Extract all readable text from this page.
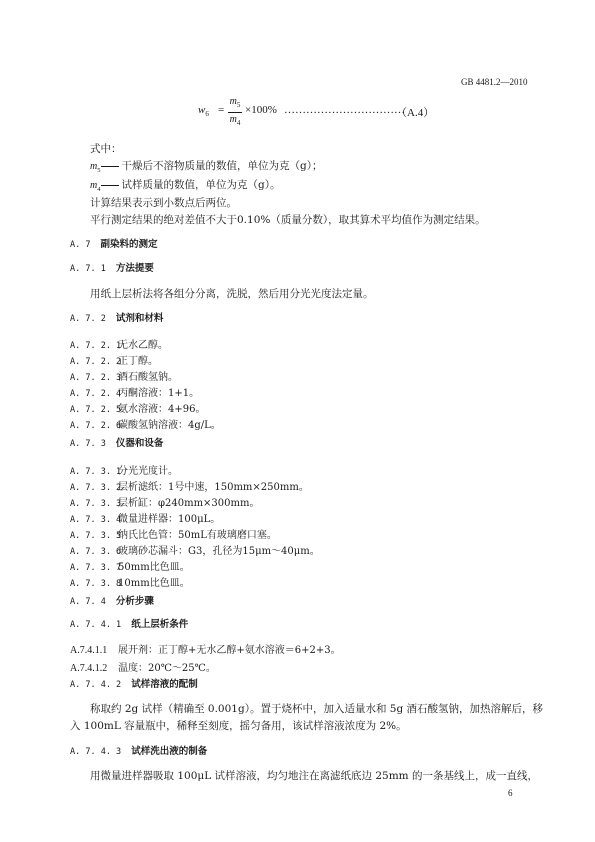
GB 4481.2—2010
$w_6$ =
$m_5$
$m_4$
×100% ……………………………
（A.4）
式中：
$m_5$ 干燥后不溶物质量的数值，单位为克（g）；
$m_4$ 试样质量的数值，单位为克（g）。
计算结果表示到小数点后两位。
平行测定结果的绝对差值不大于0.10%（质量分数），取其算术平均值作为测定结果。
A. 7 副染料的测定
A. 7. 1 方法提要
用纸上层析法将各组分分离，洗脱，然后用分光光度法定量。
A. 7. 2 试剂和材料
A. 7. 2. 1无水乙醇。
A. 7. 2. 2正丁醇。
A. 7. 2. 3酒石酸氢钠。
A. 7. 2. 4丙酮溶液：1+1。
A. 7. 2. 5氨水溶液：4+96。
A. 7. 2. 6碳酸氢钠溶液：4g/L。
A. 7. 3 仪器和设备
A. 7. 3. 1分光光度计。
A. 7. 3. 2层析滤纸：1号中速，150mm×250mm。
A. 7. 3. 3层析缸：φ240mm×300mm。
A. 7. 3. 4微量进样器：100μL。
A. 7. 3. 5纳氏比色管：50mL有玻璃磨口塞。
A. 7. 3. 6玻璃砂芯漏斗：G3，孔径为15μm～40μm。
A. 7. 3. 750mm比色皿。
A. 7. 3. 810mm比色皿。
A. 7. 4 分析步骤
A. 7. 4. 1 纸上层析条件
A.7.4.1.1 展开剂：正丁醇+无水乙醇+氨水溶液＝6+2+3。
A.7.4.1.2 温度：20℃～25℃。
A. 7. 4. 2 试样溶液的配制
称取约 2g 试样（精确至 0.001g）。置于烧杯中，加入适量水和 5g 酒石酸氢钠，加热溶解后，移
入 100mL 容量瓶中，稀释至刻度，摇匀备用，该试样溶液浓度为 2%。
A. 7. 4. 3 试样洗出液的制备
用微量进样器吸取 100μL 试样溶液，均匀地注在离滤纸底边 25mm 的一条基线上，成一直线，
6
